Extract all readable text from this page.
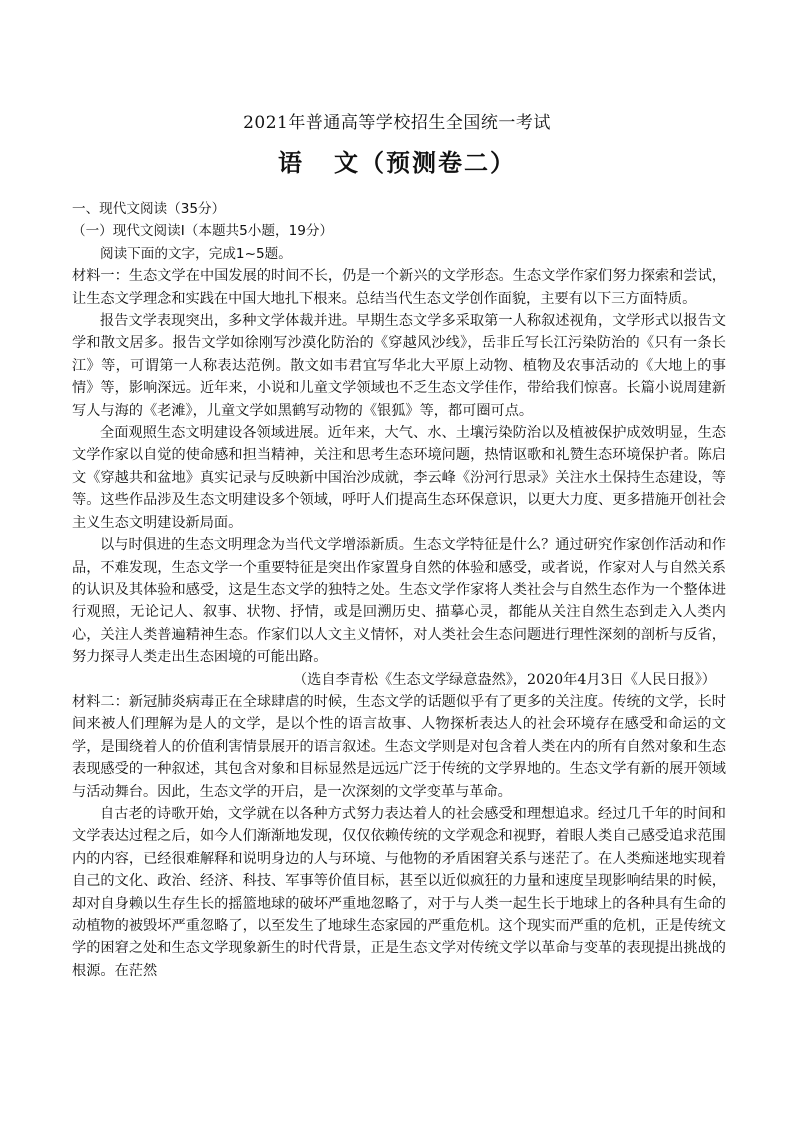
2021年普通高等学校招生全国统一考试
语 文（预测卷二）

一、现代文阅读（35分）

（一）现代文阅读Ⅰ（本题共5小题，19分）

阅读下面的文字，完成1~5题。

材料一：生态文学在中国发展的时间不长，仍是一个新兴的文学形态。生态文学作家们努力探索和尝试，让生态文学理念和实践在中国大地扎下根来。总结当代生态文学创作面貌，主要有以下三方面特质。

报告文学表现突出，多种文学体裁并进。早期生态文学多采取第一人称叙述视角，文学形式以报告文学和散文居多。报告文学如徐刚写沙漠化防治的《穿越风沙线》，岳非丘写长江污染防治的《只有一条长江》等，可谓第一人称表达范例。散文如韦君宜写华北大平原上动物、植物及农事活动的《大地上的事情》等，影响深远。近年来，小说和儿童文学领域也不乏生态文学佳作，带给我们惊喜。长篇小说周建新写人与海的《老滩》，儿童文学如黑鹤写动物的《银狐》等，都可圈可点。

全面观照生态文明建设各领域进展。近年来，大气、水、土壤污染防治以及植被保护成效明显，生态文学作家以自觉的使命感和担当精神，关注和思考生态环境问题，热情讴歌和礼赞生态环境保护者。陈启文《穿越共和盆地》真实记录与反映新中国治沙成就，李云峰《汾河行思录》关注水土保持生态建设，等等。这些作品涉及生态文明建设多个领域，呼吁人们提高生态环保意识，以更大力度、更多措施开创社会主义生态文明建设新局面。

以与时俱进的生态文明理念为当代文学增添新质。生态文学特征是什么？通过研究作家创作活动和作品，不难发现，生态文学一个重要特征是突出作家置身自然的体验和感受，或者说，作家对人与自然关系的认识及其体验和感受，这是生态文学的独特之处。生态文学作家将人类社会与自然生态作为一个整体进行观照，无论记人、叙事、状物、抒情，或是回溯历史、描摹心灵，都能从关注自然生态到走入人类内心，关注人类普遍精神生态。作家们以人文主义情怀，对人类社会生态问题进行理性深刻的剖析与反省，努力探寻人类走出生态困境的可能出路。

（选自李青松《生态文学绿意盎然》，2020年4月3日《人民日报》）

材料二：新冠肺炎病毒正在全球肆虐的时候，生态文学的话题似乎有了更多的关注度。传统的文学，长时间来被人们理解为是人的文学，是以个性的语言故事、人物探析表达人的社会环境存在感受和命运的文学，是围绕着人的价值利害情景展开的语言叙述。生态文学则是对包含着人类在内的所有自然对象和生态表现感受的一种叙述，其包含对象和目标显然是远远广泛于传统的文学界地的。生态文学有新的展开领域与活动舞台。因此，生态文学的开启，是一次深刻的文学变革与革命。

自古老的诗歌开始，文学就在以各种方式努力表达着人的社会感受和理想追求。经过几千年的时间和文学表达过程之后，如今人们渐渐地发现，仅仅依赖传统的文学观念和视野，着眼人类自己感受追求范围内的内容，已经很难解释和说明身边的人与环境、与他物的矛盾困窘关系与迷茫了。在人类痴迷地实现着自己的文化、政治、经济、科技、军事等价值目标，甚至以近似疯狂的力量和速度呈现影响结果的时候，却对自身赖以生存生长的摇篮地球的破坏严重地忽略了，对于与人类一起生长于地球上的各种具有生命的动植物的被毁坏严重忽略了，以至发生了地球生态家园的严重危机。这个现实而严重的危机，正是传统文学的困窘之处和生态文学现象新生的时代背景，正是生态文学对传统文学以革命与变革的表现提出挑战的根源。在茫然
